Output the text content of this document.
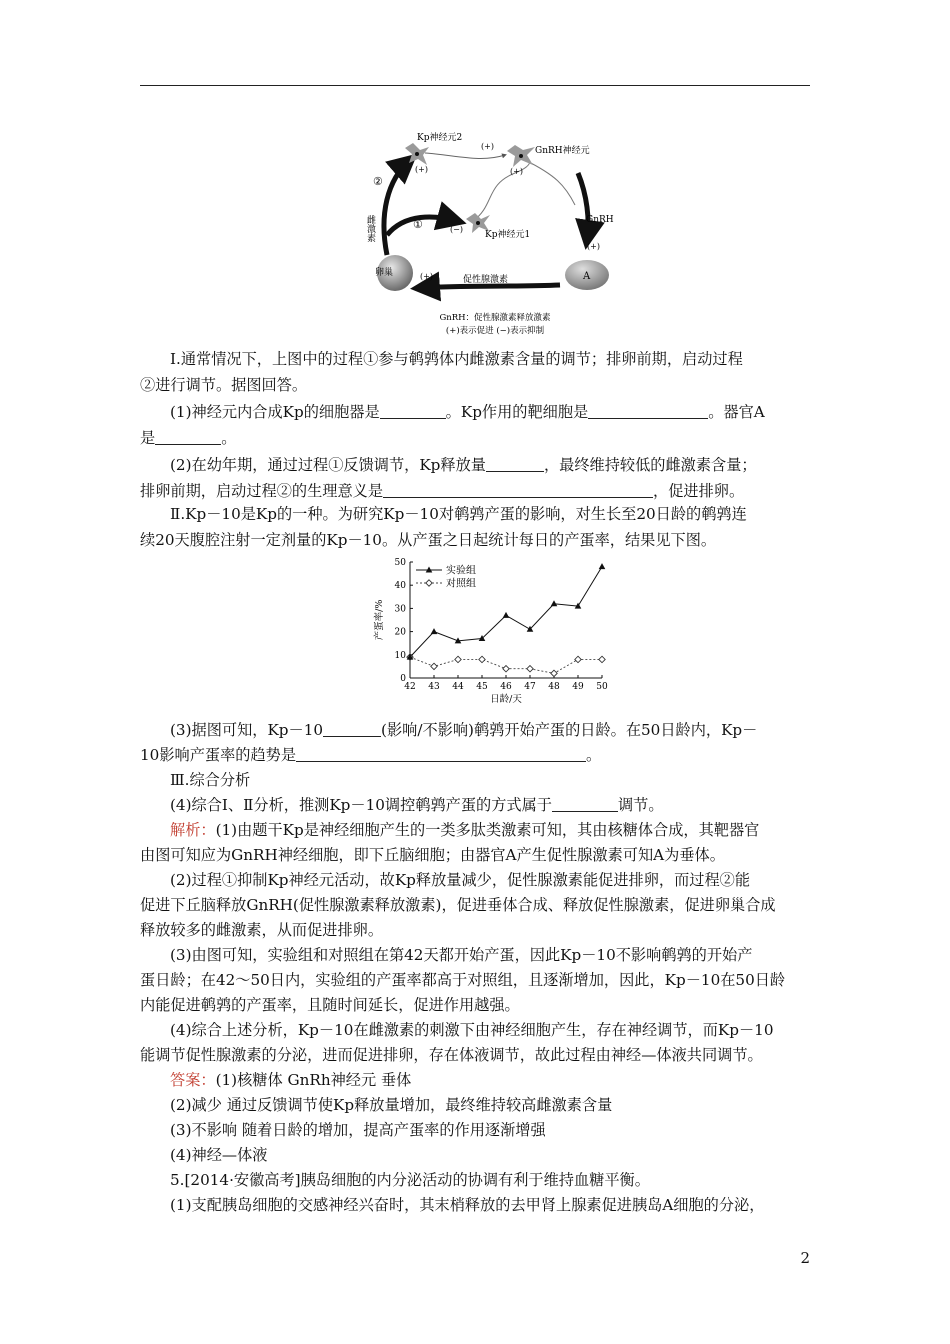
Kp神经元2
GnRH神经元
(+)
(+)	(+)
②
①	(−)
Kp神经元1
GnRH
(+)
(+)
卵巢	A
促性腺激素
雌激素
GnRH：促性腺激素释放激素
(+)表示促进 (−)表示抑制
Ⅰ.通常情况下，上图中的过程①参与鹌鹑体内雌激素含量的调节；排卵前期，启动过程
②进行调节。据图回答。
(1)神经元内合成Kp的细胞器是	。Kp作用的靶细胞是	。器官A
是	。
(2)在幼年期，通过过程①反馈调节，Kp释放量	，最终维持较低的雌激素含量；
排卵前期，启动过程②的生理意义是	，促进排卵。
Ⅱ.Kp－10是Kp的一种。为研究Kp－10对鹌鹑产蛋的影响，对生长至20日龄的鹌鹑连
续20天腹腔注射一定剂量的Kp－10。从产蛋之日起统计每日的产蛋率，结果见下图。
0
10
20
30
40
50
42 43 44 45 46 47 48 49 50
日龄/天
产蛋率/%
实验组
对照组
(3)据图可知，Kp－10	(影响/不影响)鹌鹑开始产蛋的日龄。在50日龄内，Kp－
10影响产蛋率的趋势是	。
Ⅲ.综合分析
(4)综合Ⅰ、Ⅱ分析，推测Kp－10调控鹌鹑产蛋的方式属于	调节。
解析：(1)由题干Kp是神经细胞产生的一类多肽类激素可知，其由核糖体合成，其靶器官
由图可知应为GnRH神经细胞，即下丘脑细胞；由器官A产生促性腺激素可知A为垂体。
(2)过程①抑制Kp神经元活动，故Kp释放量减少，促性腺激素能促进排卵，而过程②能
促进下丘脑释放GnRH(促性腺激素释放激素)，促进垂体合成、释放促性腺激素，促进卵巢合成
释放较多的雌激素，从而促进排卵。
(3)由图可知，实验组和对照组在第42天都开始产蛋，因此Kp－10不影响鹌鹑的开始产
蛋日龄；在42～50日内，实验组的产蛋率都高于对照组，且逐渐增加，因此，Kp－10在50日龄
内能促进鹌鹑的产蛋率，且随时间延长，促进作用越强。
(4)综合上述分析，Kp－10在雌激素的刺激下由神经细胞产生，存在神经调节，而Kp－10
能调节促性腺激素的分泌，进而促进排卵，存在体液调节，故此过程由神经—体液共同调节。
答案：(1)核糖体 GnRh神经元 垂体
(2)减少 通过反馈调节使Kp释放量增加，最终维持较高雌激素含量
(3)不影响 随着日龄的增加，提高产蛋率的作用逐渐增强
(4)神经—体液
5.[2014·安徽高考]胰岛细胞的内分泌活动的协调有利于维持血糖平衡。
(1)支配胰岛细胞的交感神经兴奋时，其末梢释放的去甲肾上腺素促进胰岛A细胞的分泌，
2
